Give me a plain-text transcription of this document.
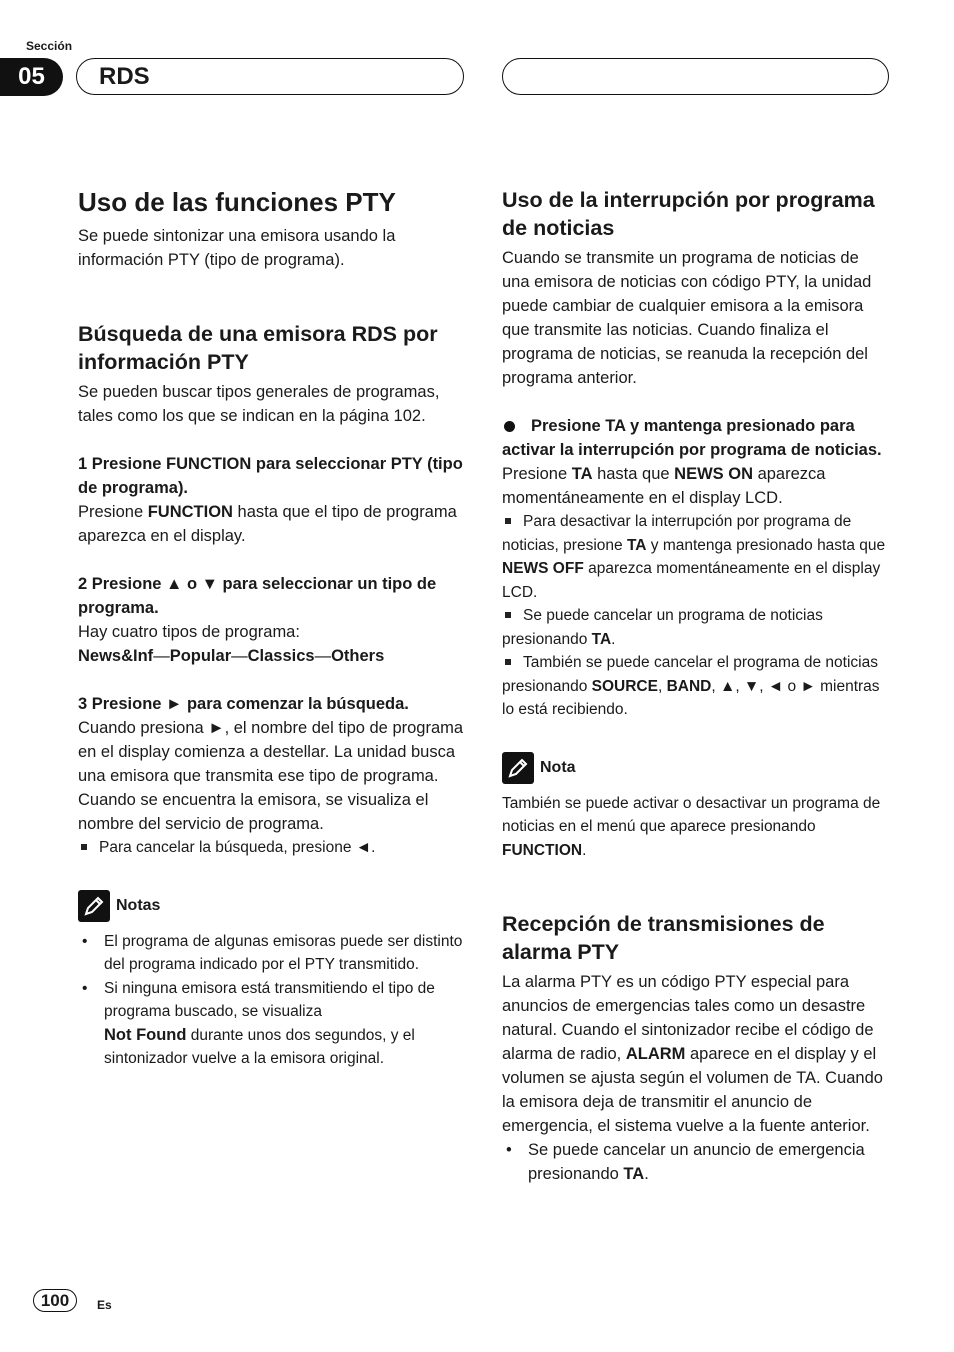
Sección
05	RDS
Uso de las funciones PTY

Se puede sintonizar una emisora usando la información PTY (tipo de programa).

Búsqueda de una emisora RDS por información PTY

Se pueden buscar tipos generales de programas, tales como los que se indican en la página 102.

1 Presione FUNCTION para seleccionar PTY (tipo de programa).

Presione FUNCTION hasta que el tipo de programa aparezca en el display.

2 Presione ▲ o ▼ para seleccionar un tipo de programa.

Hay cuatro tipos de programa:

News&Inf—Popular—Classics—Others

3 Presione ► para comenzar la búsqueda.

Cuando presiona ►, el nombre del tipo de programa en el display comienza a destellar. La unidad busca una emisora que transmita ese tipo de programa. Cuando se encuentra la emisora, se visualiza el nombre del servicio de programa.

Para cancelar la búsqueda, presione ◄.

Notas
• El programa de algunas emisoras puede ser distinto del programa indicado por el PTY transmitido.
• Si ninguna emisora está transmitiendo el tipo de programa buscado, se visualiza
Not Found durante unos dos segundos, y el sintonizador vuelve a la emisora original.
Uso de la interrupción por programa de noticias

Cuando se transmite un programa de noticias de una emisora de noticias con código PTY, la unidad puede cambiar de cualquier emisora a la emisora que transmite las noticias. Cuando finaliza el programa de noticias, se reanuda la recepción del programa anterior.

Presione TA y mantenga presionado para activar la interrupción por programa de noticias.

Presione TA hasta que NEWS ON aparezca momentáneamente en el display LCD.

Para desactivar la interrupción por programa de noticias, presione TA y mantenga presionado hasta que NEWS OFF aparezca momentáneamente en el display LCD.

Se puede cancelar un programa de noticias presionando TA.

También se puede cancelar el programa de noticias presionando SOURCE, BAND, ▲, ▼, ◄ o ► mientras lo está recibiendo.

Nota

También se puede activar o desactivar un programa de noticias en el menú que aparece presionando FUNCTION.

Recepción de transmisiones de alarma PTY

La alarma PTY es un código PTY especial para anuncios de emergencias tales como un desastre natural. Cuando el sintonizador recibe el código de alarma de radio, ALARM aparece en el display y el volumen se ajusta según el volumen de TA. Cuando la emisora deja de transmitir el anuncio de emergencia, el sistema vuelve a la fuente anterior.

• Se puede cancelar un anuncio de emergencia presionando TA.
100	Es
